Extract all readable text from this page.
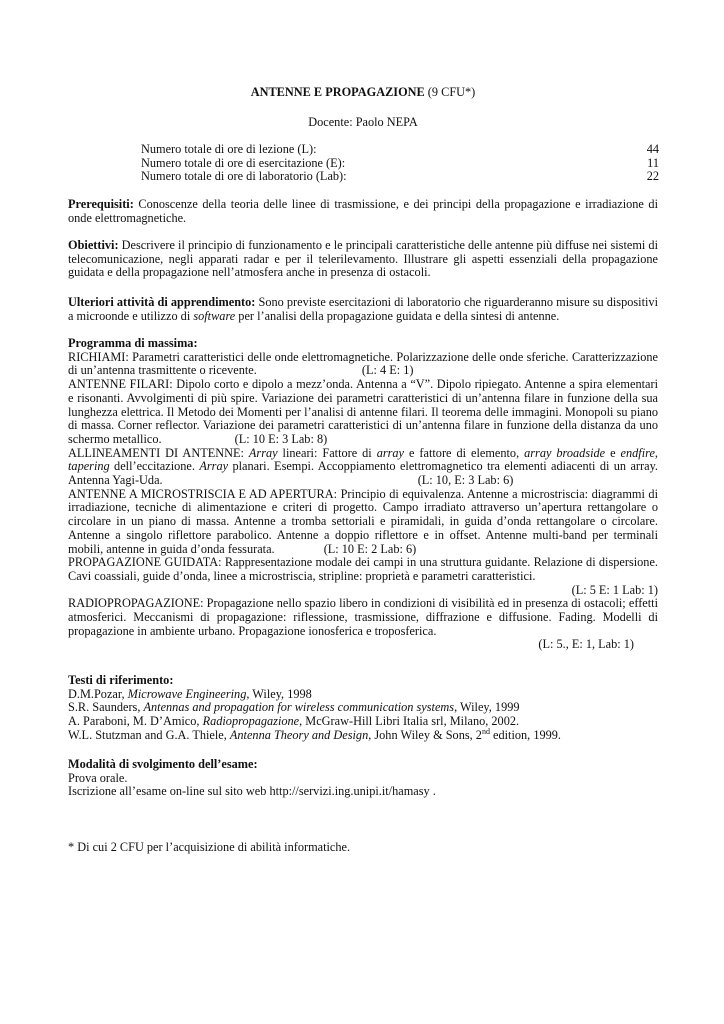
ANTENNE E PROPAGAZIONE (9 CFU*)
Docente: Paolo NEPA
Numero totale di ore di lezione (L):	44
Numero totale di ore di esercitazione (E):	11
Numero totale di ore di laboratorio (Lab):	22

Prerequisiti: Conoscenze della teoria delle linee di trasmissione, e dei principi della propagazione e irradiazione di onde elettromagnetiche.

Obiettivi: Descrivere il principio di funzionamento e le principali caratteristiche delle antenne più diffuse nei sistemi di telecomunicazione, negli apparati radar e per il telerilevamento. Illustrare gli aspetti essenziali della propagazione guidata e della propagazione nell’atmosfera anche in presenza di ostacoli.

Ulteriori attività di apprendimento: Sono previste esercitazioni di laboratorio che riguarderanno misure su dispositivi a microonde e utilizzo di software per l’analisi della propagazione guidata e della sintesi di antenne.

Programma di massima:

RICHIAMI: Parametri caratteristici delle onde elettromagnetiche. Polarizzazione delle onde sferiche. Caratterizzazione di un’antenna trasmittente o ricevente.	(L: 4 E: 1)

ANTENNE FILARI: Dipolo corto e dipolo a mezz’onda. Antenna a “V”. Dipolo ripiegato. Antenne a spira elementari e risonanti. Avvolgimenti di più spire. Variazione dei parametri caratteristici di un’antenna filare in funzione della sua lunghezza elettrica. Il Metodo dei Momenti per l’analisi di antenne filari. Il teorema delle immagini. Monopoli su piano di massa. Corner reflector. Variazione dei parametri caratteristici di un’antenna filare in funzione della distanza da uno schermo metallico.	(L: 10 E: 3 Lab: 8)

ALLINEAMENTI DI ANTENNE: Array lineari: Fattore di array e fattore di elemento, array broadside e endfire, tapering dell’eccitazione. Array planari. Esempi. Accoppiamento elettromagnetico tra elementi adiacenti di un array. Antenna Yagi-Uda.	(L: 10, E: 3 Lab: 6)

ANTENNE A MICROSTRISCIA E AD APERTURA: Principio di equivalenza. Antenne a microstriscia: diagrammi di irradiazione, tecniche di alimentazione e criteri di progetto. Campo irradiato attraverso un’apertura rettangolare o circolare in un piano di massa. Antenne a tromba settoriali e piramidali, in guida d’onda rettangolare o circolare. Antenne a singolo riflettore parabolico. Antenne a doppio riflettore e in offset. Antenne multi-band per terminali mobili, antenne in guida d’onda fessurata.	(L: 10 E: 2 Lab: 6)

PROPAGAZIONE GUIDATA: Rappresentazione modale dei campi in una struttura guidante. Relazione di dispersione. Cavi coassiali, guide d’onda, linee a microstriscia, stripline: proprietà e parametri caratteristici.

(L: 5 E: 1 Lab: 1)

RADIOPROPAGAZIONE: Propagazione nello spazio libero in condizioni di visibilità ed in presenza di ostacoli; effetti atmosferici. Meccanismi di propagazione: riflessione, trasmissione, diffrazione e diffusione. Fading. Modelli di propagazione in ambiente urbano. Propagazione ionosferica e troposferica.

(L: 5., E: 1, Lab: 1)

Testi di riferimento:

D.M.Pozar, Microwave Engineering, Wiley, 1998

S.R. Saunders, Antennas and propagation for wireless communication systems, Wiley, 1999

A. Paraboni, M. D’Amico, Radiopropagazione, McGraw-Hill Libri Italia srl, Milano, 2002.

W.L. Stutzman and G.A. Thiele, Antenna Theory and Design, John Wiley & Sons, 2nd edition, 1999.

Modalità di svolgimento dell’esame:

Prova orale.

Iscrizione all’esame on-line sul sito web http://servizi.ing.unipi.it/hamasy .

* Di cui 2 CFU per l’acquisizione di abilità informatiche.
